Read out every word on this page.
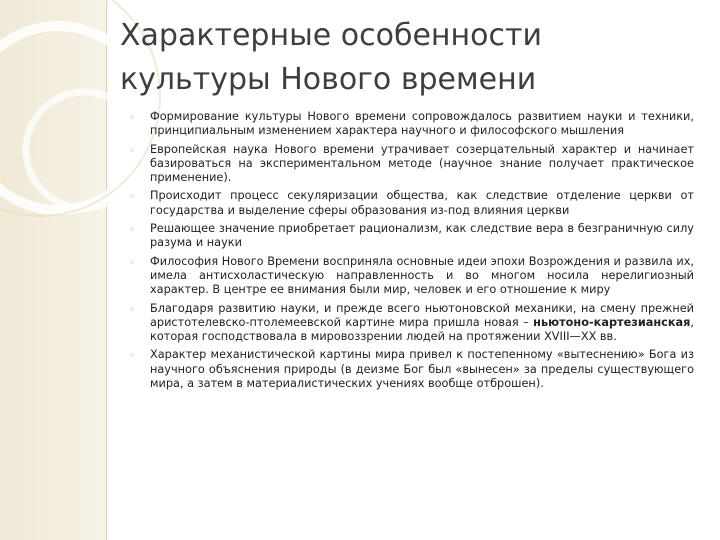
Характерные особенности
культуры Нового времени
◦ Формирование культуры Нового времени сопровождалось развитием науки и техники, принципиальным изменением характера научного и философского мышления
◦ Европейская наука Нового времени утрачивает созерцательный характер и начинает базироваться на экспериментальном методе (научное знание получает практическое применение).
◦ Происходит процесс секуляризации общества, как следствие отделение церкви от государства и выделение сферы образования из-под влияния церкви
◦ Решающее значение приобретает рационализм, как следствие вера в безграничную силу разума и науки
◦ Философия Нового Времени восприняла основные идеи эпохи Возрождения и развила их, имела антисхоластическую направленность и во многом носила нерелигиозный характер. В центре ее внимания были мир, человек и его отношение к миру
◦ Благодаря развитию науки, и прежде всего ньютоновской механики, на смену прежней аристотелевско-птолемеевской картине мира пришла новая – ньютоно-картезианская, которая господствовала в мировоззрении людей на протяжении XVIII—XX вв.
◦ Характер механистической картины мира привел к постепенному «вытеснению» Бога из научного объяснения природы (в деизме Бог был «вынесен» за пределы существующего мира, а затем в материалистических учениях вообще отброшен).
